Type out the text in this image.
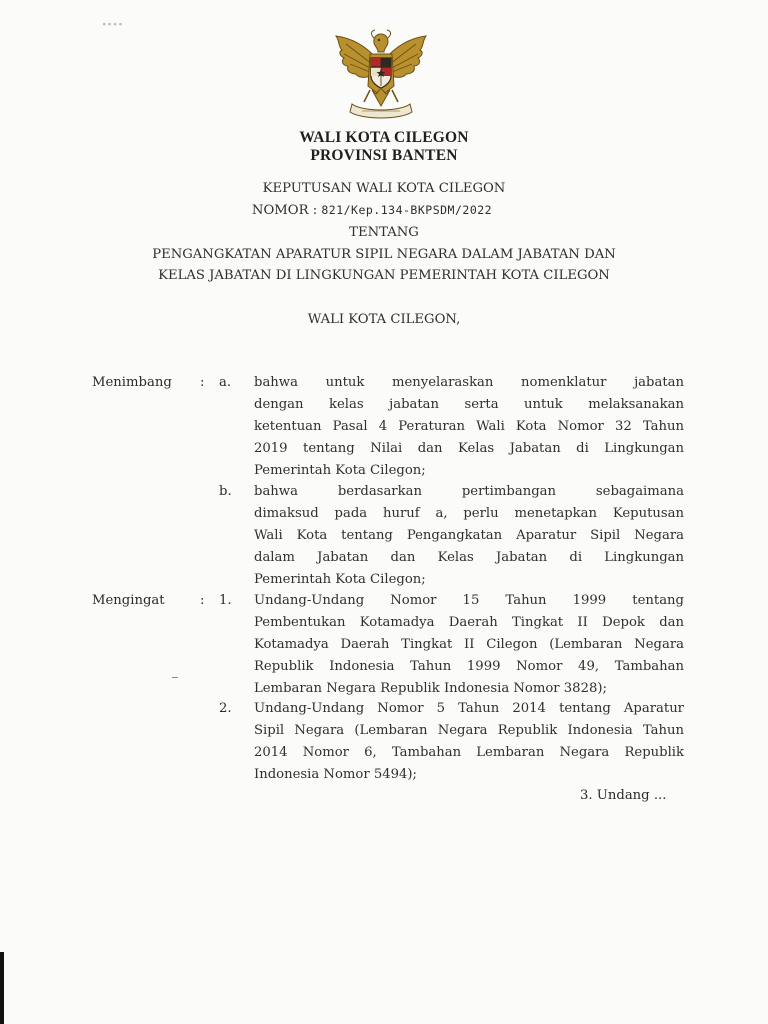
∙∙∙∙
WALI KOTA CILEGON
PROVINSI BANTEN
KEPUTUSAN WALI KOTA CILEGON
NOMOR : 821/Kep.134-BKPSDM/2022
TENTANG
PENGANGKATAN APARATUR SIPIL NEGARA DALAM JABATAN DAN
KELAS JABATAN DI LINGKUNGAN PEMERINTAH KOTA CILEGON
WALI KOTA CILEGON,
Menimbang : a. bahwa untuk menyelaraskan nomenklatur jabatan
dengan kelas jabatan serta untuk melaksanakan
ketentuan Pasal 4 Peraturan Wali Kota Nomor 32 Tahun
2019 tentang Nilai dan Kelas Jabatan di Lingkungan
Pemerintah Kota Cilegon;
b. bahwa berdasarkan pertimbangan sebagaimana
dimaksud pada huruf a, perlu menetapkan Keputusan
Wali Kota tentang Pengangkatan Aparatur Sipil Negara
dalam Jabatan dan Kelas Jabatan di Lingkungan
Pemerintah Kota Cilegon;
Mengingat	: 1. Undang-Undang Nomor 15 Tahun 1999 tentang
Pembentukan Kotamadya Daerah Tingkat II Depok dan
Kotamadya Daerah Tingkat II Cilegon (Lembaran Negara
Republik Indonesia Tahun 1999 Nomor 49, Tambahan
Lembaran Negara Republik Indonesia Nomor 3828);
2. Undang-Undang Nomor 5 Tahun 2014 tentang Aparatur
Sipil Negara (Lembaran Negara Republik Indonesia Tahun
2014 Nomor 6, Tambahan Lembaran Negara Republik
Indonesia Nomor 5494);
3. Undang ...
